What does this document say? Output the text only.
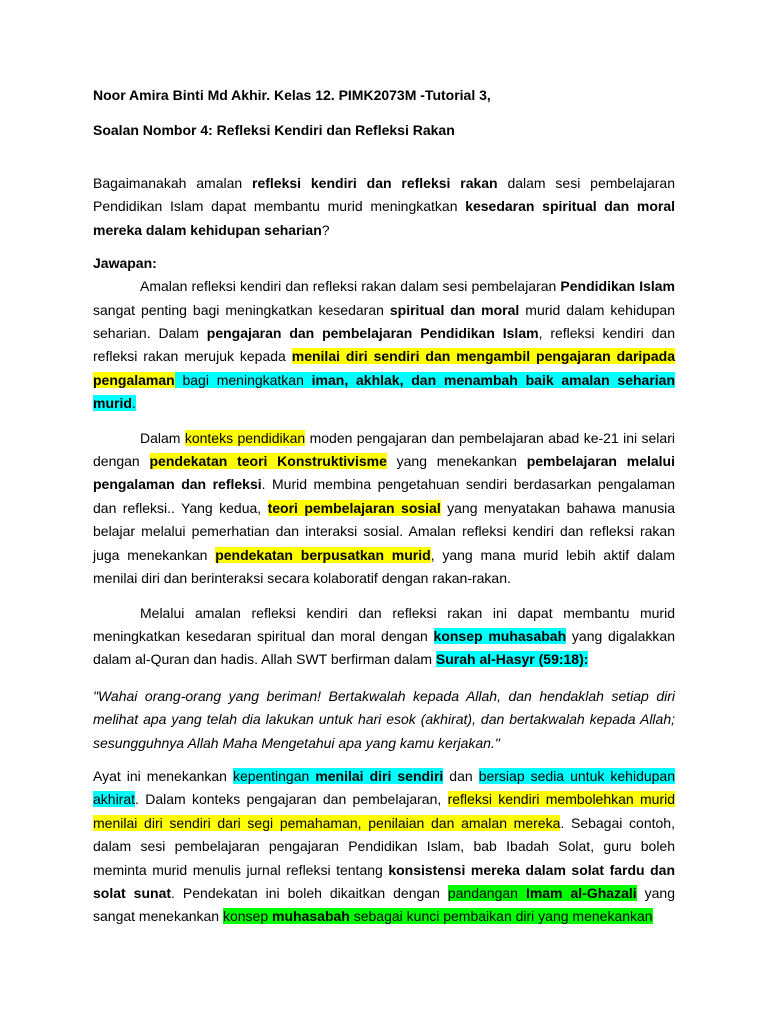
Noor Amira Binti Md Akhir. Kelas 12. PIMK2073M -Tutorial 3,

Soalan Nombor 4: Refleksi Kendiri dan Refleksi Rakan

Bagaimanakah amalan refleksi kendiri dan refleksi rakan dalam sesi pembelajaran Pendidikan Islam dapat membantu murid meningkatkan kesedaran spiritual dan moral mereka dalam kehidupan seharian?

Jawapan:

Amalan refleksi kendiri dan refleksi rakan dalam sesi pembelajaran Pendidikan Islam sangat penting bagi meningkatkan kesedaran spiritual dan moral murid dalam kehidupan seharian. Dalam pengajaran dan pembelajaran Pendidikan Islam, refleksi kendiri dan refleksi rakan merujuk kepada menilai diri sendiri dan mengambil pengajaran daripada pengalaman bagi meningkatkan iman, akhlak, dan menambah baik amalan seharian murid.

Dalam konteks pendidikan moden pengajaran dan pembelajaran abad ke-21 ini selari dengan pendekatan teori Konstruktivisme yang menekankan pembelajaran melalui pengalaman dan refleksi. Murid membina pengetahuan sendiri berdasarkan pengalaman dan refleksi.. Yang kedua, teori pembelajaran sosial yang menyatakan bahawa manusia belajar melalui pemerhatian dan interaksi sosial. Amalan refleksi kendiri dan refleksi rakan juga menekankan pendekatan berpusatkan murid, yang mana murid lebih aktif dalam menilai diri dan berinteraksi secara kolaboratif dengan rakan-rakan.

Melalui amalan refleksi kendiri dan refleksi rakan ini dapat membantu murid meningkatkan kesedaran spiritual dan moral dengan konsep muhasabah yang digalakkan dalam al-Quran dan hadis. Allah SWT berfirman dalam Surah al-Hasyr (59:18):

"Wahai orang-orang yang beriman! Bertakwalah kepada Allah, dan hendaklah setiap diri melihat apa yang telah dia lakukan untuk hari esok (akhirat), dan bertakwalah kepada Allah; sesungguhnya Allah Maha Mengetahui apa yang kamu kerjakan."

Ayat ini menekankan kepentingan menilai diri sendiri dan bersiap sedia untuk kehidupan akhirat. Dalam konteks pengajaran dan pembelajaran, refleksi kendiri membolehkan murid menilai diri sendiri dari segi pemahaman, penilaian dan amalan mereka. Sebagai contoh, dalam sesi pembelajaran pengajaran Pendidikan Islam, bab Ibadah Solat, guru boleh meminta murid menulis jurnal refleksi tentang konsistensi mereka dalam solat fardu dan solat sunat. Pendekatan ini boleh dikaitkan dengan pandangan Imam al-Ghazali yang sangat menekankan konsep muhasabah sebagai kunci pembaikan diri yang menekankan
